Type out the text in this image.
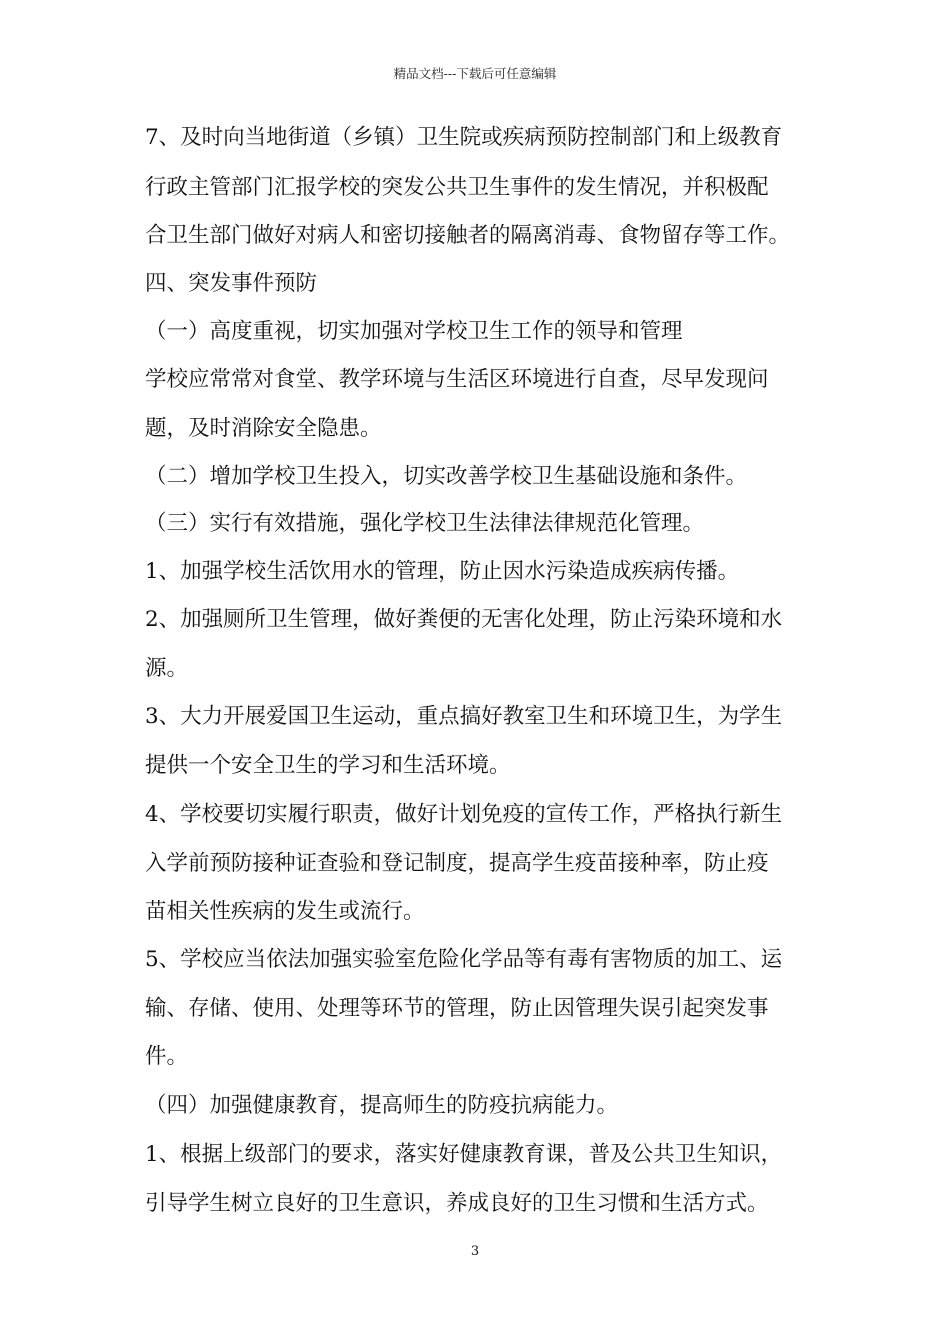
精品文档---下载后可任意编辑
7、及时向当地街道（乡镇）卫生院或疾病预防控制部门和上级教育
行政主管部门汇报学校的突发公共卫生事件的发生情况，并积极配
合卫生部门做好对病人和密切接触者的隔离消毒、食物留存等工作。
四、突发事件预防
（一）高度重视，切实加强对学校卫生工作的领导和管理
学校应常常对食堂、教学环境与生活区环境进行自查，尽早发现问
题，及时消除安全隐患。
（二）增加学校卫生投入，切实改善学校卫生基础设施和条件。
（三）实行有效措施，强化学校卫生法律法律规范化管理。
1、加强学校生活饮用水的管理，防止因水污染造成疾病传播。
2、加强厕所卫生管理，做好粪便的无害化处理，防止污染环境和水
源。
3、大力开展爱国卫生运动，重点搞好教室卫生和环境卫生，为学生
提供一个安全卫生的学习和生活环境。
4、学校要切实履行职责，做好计划免疫的宣传工作，严格执行新生
入学前预防接种证查验和登记制度，提高学生疫苗接种率，防止疫
苗相关性疾病的发生或流行。
5、学校应当依法加强实验室危险化学品等有毒有害物质的加工、运
输、存储、使用、处理等环节的管理，防止因管理失误引起突发事
件。
（四）加强健康教育，提高师生的防疫抗病能力。
1、根据上级部门的要求，落实好健康教育课，普及公共卫生知识，
引导学生树立良好的卫生意识，养成良好的卫生习惯和生活方式。
3
